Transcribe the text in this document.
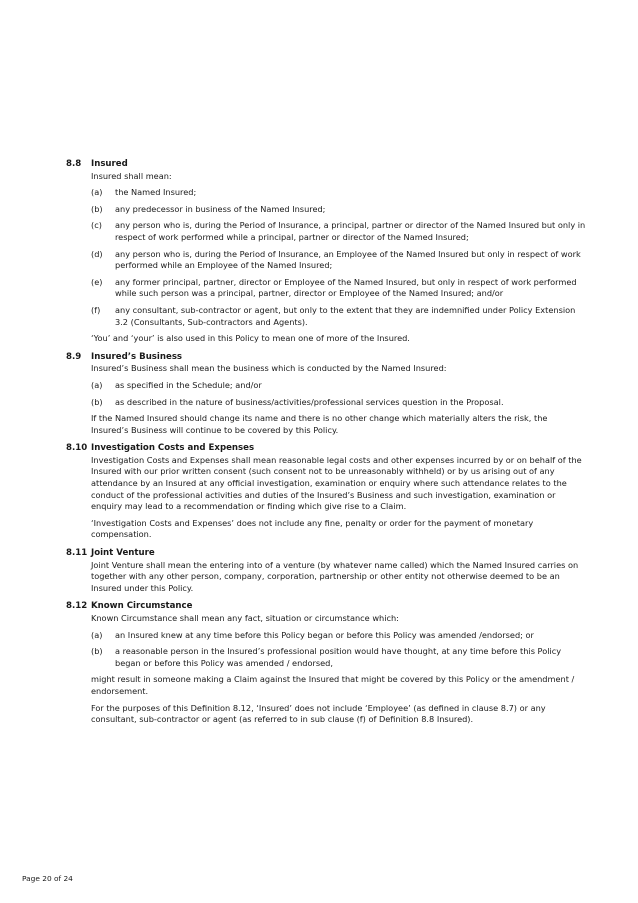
8.8	Insured
Insured shall mean:
(a)	the Named Insured;
(b)	any predecessor in business of the Named Insured;
(c)	any person who is, during the Period of Insurance, a principal, partner or director of the Named Insured but only in respect of work performed while a principal, partner or director of the Named Insured;
(d)	any person who is, during the Period of Insurance, an Employee of the Named Insured but only in respect of work performed while an Employee of the Named Insured;
(e)	any former principal, partner, director or Employee of the Named Insured, but only in respect of work performed while such person was a principal, partner, director or Employee of the Named Insured; and/or
(f)	any consultant, sub-contractor or agent, but only to the extent that they are indemnified under Policy Extension 3.2 (Consultants, Sub-contractors and Agents).
‘You’ and ‘your’ is also used in this Policy to mean one of more of the Insured.
8.9	Insured’s Business
Insured’s Business shall mean the business which is conducted by the Named Insured:
(a)	as specified in the Schedule; and/or
(b)	as described in the nature of business/activities/professional services question in the Proposal.
If the Named Insured should change its name and there is no other change which materially alters the risk, the Insured’s Business will continue to be covered by this Policy.
8.10 Investigation Costs and Expenses
Investigation Costs and Expenses shall mean reasonable legal costs and other expenses incurred by or on behalf of the Insured with our prior written consent (such consent not to be unreasonably withheld) or by us arising out of any attendance by an Insured at any official investigation, examination or enquiry where such attendance relates to the conduct of the professional activities and duties of the Insured’s Business and such investigation, examination or enquiry may lead to a recommendation or finding which give rise to a Claim.
‘Investigation Costs and Expenses’ does not include any fine, penalty or order for the payment of monetary compensation.
8.11 Joint Venture
Joint Venture shall mean the entering into of a venture (by whatever name called) which the Named Insured carries on together with any other person, company, corporation, partnership or other entity not otherwise deemed to be an Insured under this Policy.
8.12 Known Circumstance
Known Circumstance shall mean any fact, situation or circumstance which:
(a)	an Insured knew at any time before this Policy began or before this Policy was amended /endorsed; or
(b)	a reasonable person in the Insured’s professional position would have thought, at any time before this Policy began or before this Policy was amended / endorsed,
might result in someone making a Claim against the Insured that might be covered by this Policy or the amendment / endorsement.
For the purposes of this Definition 8.12, ‘Insured’ does not include ‘Employee’ (as defined in clause 8.7) or any consultant, sub-contractor or agent (as referred to in sub clause (f) of Definition 8.8 Insured).
Page 20 of 24
